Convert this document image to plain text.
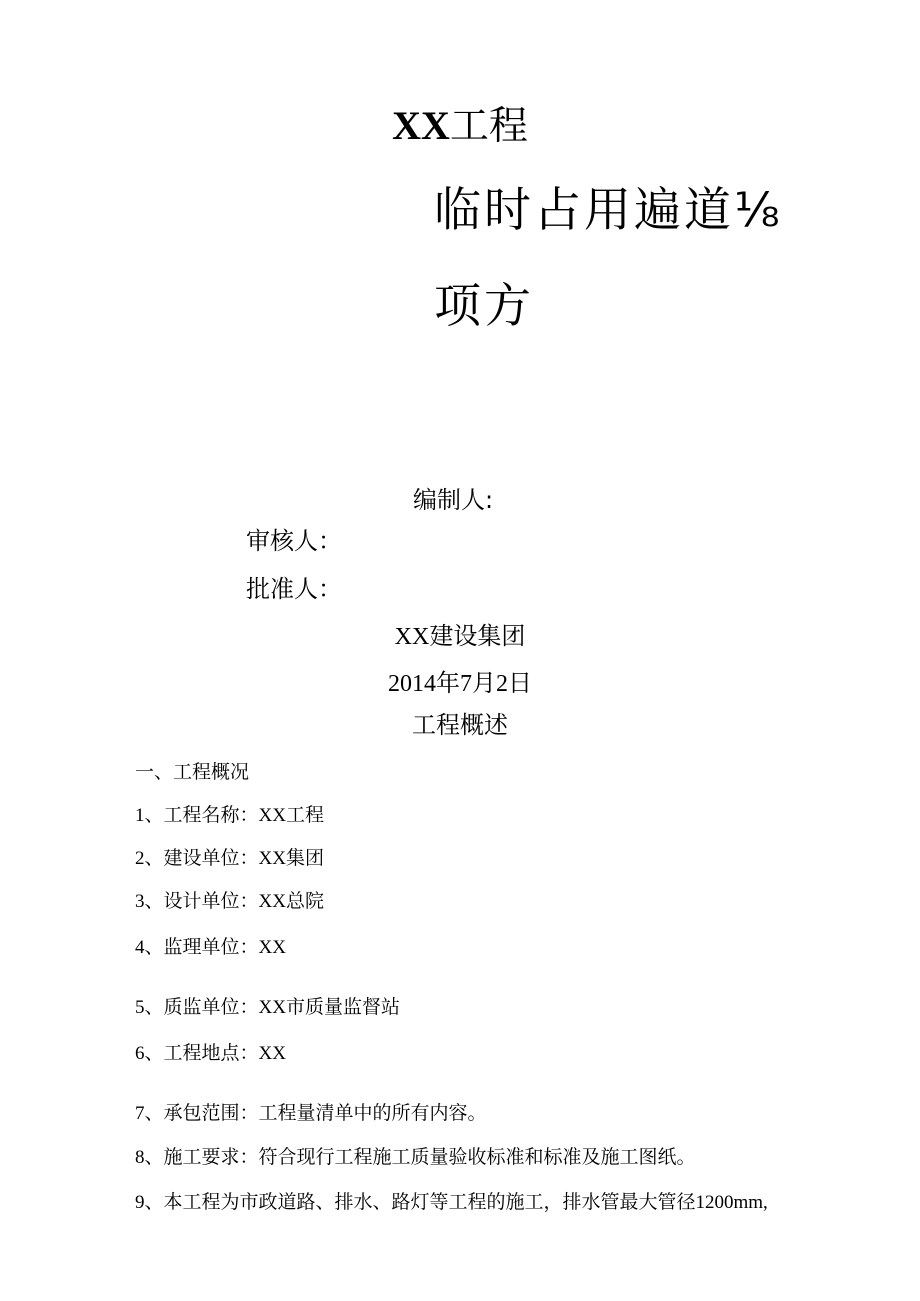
XX工程
临时占用遍道⅛
项方
编制人:
审核人：
批准人：
XX建设集团
2014年7月2日
工程概述
一、工程概况
1、工程名称：XX工程
2、建设单位：XX集团
3、设计单位：XX总院
4、监理单位：XX
5、质监单位：XX市质量监督站
6、工程地点：XX
7、承包范围：工程量清单中的所有内容。
8、施工要求：符合现行工程施工质量验收标准和标准及施工图纸。
9、本工程为市政道路、排水、路灯等工程的施工，排水管最大管径1200mm,
